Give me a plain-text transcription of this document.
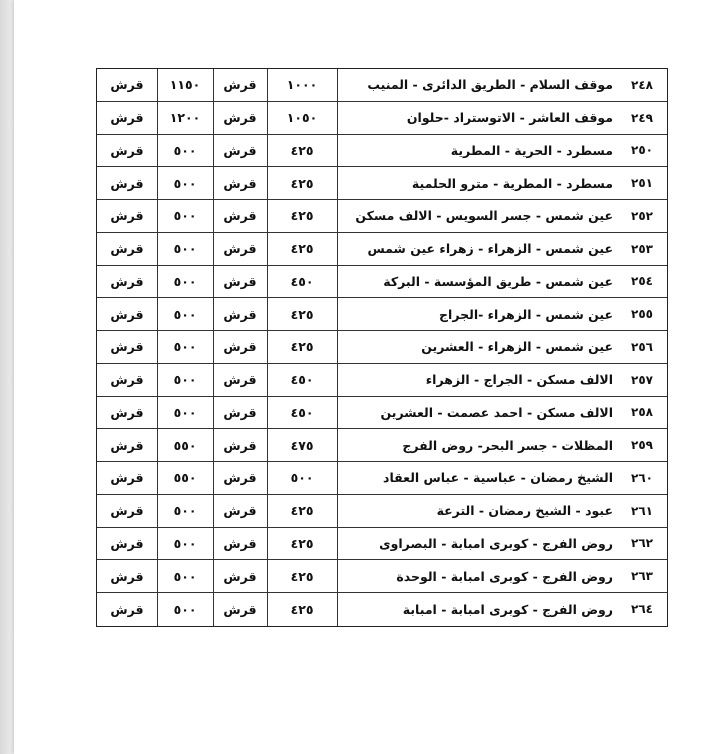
قرش	١١٥٠	قرش	١٠٠٠	موقف السلام - الطريق الدائرى - المنيب	٢٤٨
قرش	١٢٠٠	قرش	١٠٥٠	موقف العاشر - الاتوستراد -حلوان	٢٤٩
قرش	٥٠٠	قرش	٤٢٥	مسطرد - الحرية - المطرية	٢٥٠
قرش	٥٠٠	قرش	٤٢٥	مسطرد - المطرية - مترو الحلمية	٢٥١
قرش	٥٠٠	قرش	٤٢٥	عين شمس - جسر السويس - الالف مسكن	٢٥٢
قرش	٥٠٠	قرش	٤٢٥	عين شمس - الزهراء - زهراء عين شمس	٢٥٣
قرش	٥٠٠	قرش	٤٥٠	عين شمس - طريق المؤسسة - البركة	٢٥٤
قرش	٥٠٠	قرش	٤٢٥	عين شمس - الزهراء -الجراج	٢٥٥
قرش	٥٠٠	قرش	٤٢٥	عين شمس - الزهراء - العشرين	٢٥٦
قرش	٥٠٠	قرش	٤٥٠	الالف مسكن - الجراج - الزهراء	٢٥٧
قرش	٥٠٠	قرش	٤٥٠	الالف مسكن - احمد عصمت - العشرين	٢٥٨
قرش	٥٥٠	قرش	٤٧٥	المظلات - جسر البحر- روض الفرج	٢٥٩
قرش	٥٥٠	قرش	٥٠٠	الشيخ رمضان - عباسية - عباس العقاد	٢٦٠
قرش	٥٠٠	قرش	٤٢٥	عبود - الشيخ رمضان - الترعة	٢٦١
قرش	٥٠٠	قرش	٤٢٥	روض الفرج - كوبرى امبابة - البصراوى	٢٦٢
قرش	٥٠٠	قرش	٤٢٥	روض الفرج - كوبرى امبابة - الوحدة	٢٦٣
قرش	٥٠٠	قرش	٤٢٥	روض الفرج - كوبرى امبابة - امبابة	٢٦٤
